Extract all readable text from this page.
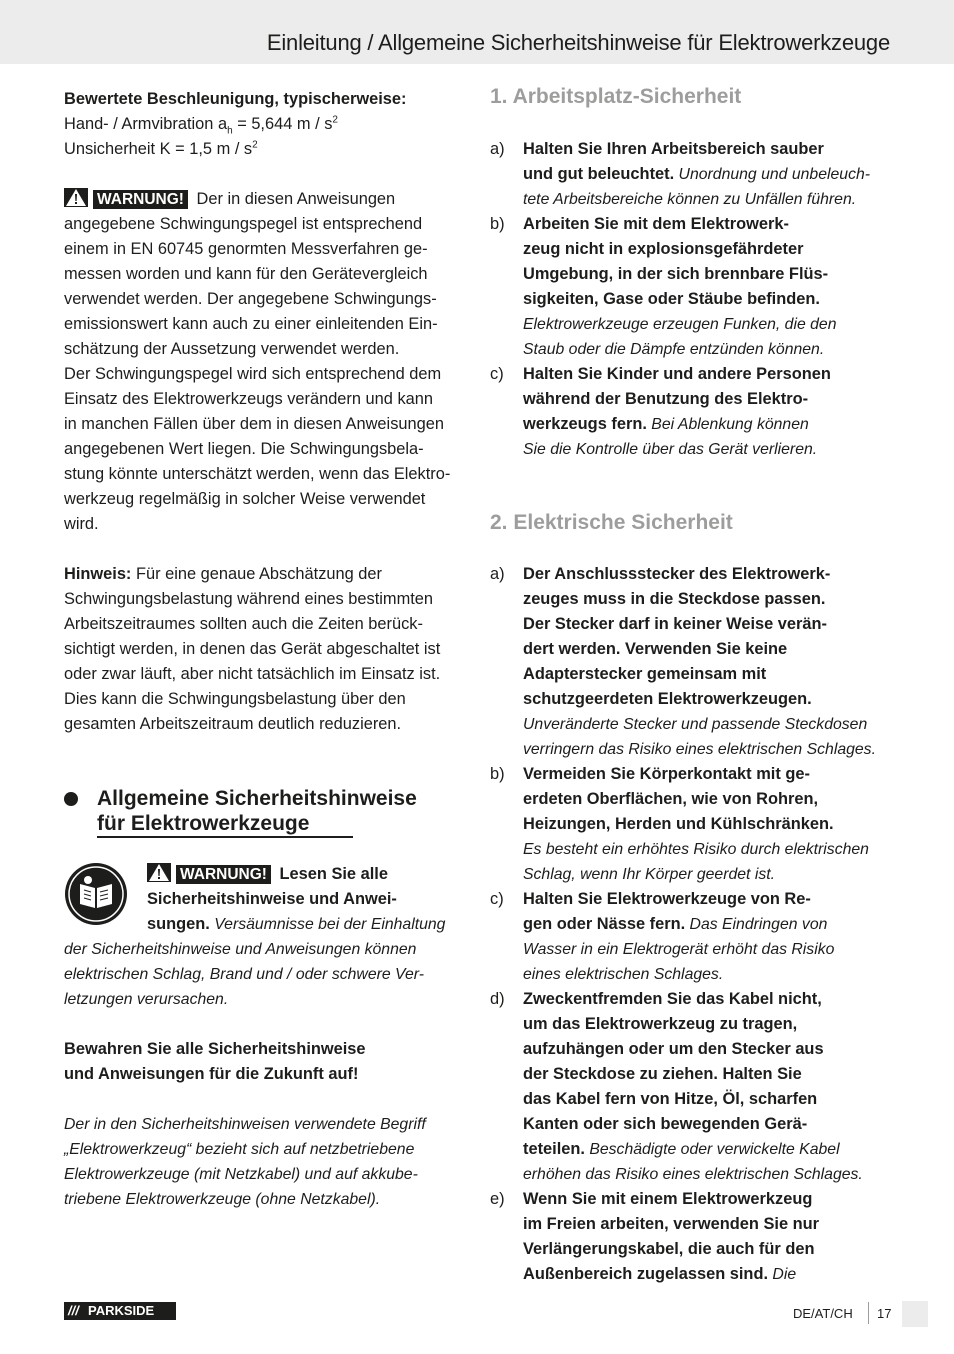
Einleitung / Allgemeine Sicherheitshinweise für Elektrowerkzeuge
Bewertete Beschleunigung, typischerweise:
Hand- / Armvibration $a_h = 5,644$ m / $s^2$
Unsicherheit K = 1,5 m / $s^2$
WARNUNG! Der in diesen Anweisungen
angegebene Schwingungspegel ist entsprechend
einem in EN 60745 genormten Messverfahren ge-
messen worden und kann für den Gerätevergleich
verwendet werden. Der angegebene Schwingungs-
emissionswert kann auch zu einer einleitenden Ein-
schätzung der Aussetzung verwendet werden.
Der Schwingungspegel wird sich entsprechend dem
Einsatz des Elektrowerkzeugs verändern und kann
in manchen Fällen über dem in diesen Anweisungen
angegebenen Wert liegen. Die Schwingungsbela-
stung könnte unterschätzt werden, wenn das Elektro-
werkzeug regelmäßig in solcher Weise verwendet
wird.
Hinweis: Für eine genaue Abschätzung der
Schwingungsbelastung während eines bestimmten
Arbeitszeitraumes sollten auch die Zeiten berück-
sichtigt werden, in denen das Gerät abgeschaltet ist
oder zwar läuft, aber nicht tatsächlich im Einsatz ist.
Dies kann die Schwingungsbelastung über den
gesamten Arbeitszeitraum deutlich reduzieren.
Allgemeine Sicherheitshinweise
für Elektrowerkzeuge
WARNUNG! Lesen Sie alle
Sicherheitshinweise und Anwei-
sungen. Versäumnisse bei der Einhaltung
der Sicherheitshinweise und Anweisungen können
elektrischen Schlag, Brand und / oder schwere Ver-
letzungen verursachen.
Bewahren Sie alle Sicherheitshinweise
und Anweisungen für die Zukunft auf!
Der in den Sicherheitshinweisen verwendete Begriff
„Elektrowerkzeug“ bezieht sich auf netzbetriebene
Elektrowerkzeuge (mit Netzkabel) und auf akkube-
triebene Elektrowerkzeuge (ohne Netzkabel).
1. Arbeitsplatz-Sicherheit
a) Halten Sie Ihren Arbeitsbereich sauber
und gut beleuchtet. Unordnung und unbeleuch-
tete Arbeitsbereiche können zu Unfällen führen.
b) Arbeiten Sie mit dem Elektrowerk-
zeug nicht in explosionsgefährdeter
Umgebung, in der sich brennbare Flüs-
sigkeiten, Gase oder Stäube befinden.
Elektrowerkzeuge erzeugen Funken, die den
Staub oder die Dämpfe entzünden können.
c) Halten Sie Kinder und andere Personen
während der Benutzung des Elektro-
werkzeugs fern. Bei Ablenkung können
Sie die Kontrolle über das Gerät verlieren.
2. Elektrische Sicherheit
a) Der Anschlussstecker des Elektrowerk-
zeuges muss in die Steckdose passen.
Der Stecker darf in keiner Weise verän-
dert werden. Verwenden Sie keine
Adapterstecker gemeinsam mit
schutzgeerdeten Elektrowerkzeugen.
Unveränderte Stecker und passende Steckdosen
verringern das Risiko eines elektrischen Schlages.
b) Vermeiden Sie Körperkontakt mit ge-
erdeten Oberflächen, wie von Rohren,
Heizungen, Herden und Kühlschränken.
Es besteht ein erhöhtes Risiko durch elektrischen
Schlag, wenn Ihr Körper geerdet ist.
c) Halten Sie Elektrowerkzeuge von Re-
gen oder Nässe fern. Das Eindringen von
Wasser in ein Elektrogerät erhöht das Risiko
eines elektrischen Schlages.
d) Zweckentfremden Sie das Kabel nicht,
um das Elektrowerkzeug zu tragen,
aufzuhängen oder um den Stecker aus
der Steckdose zu ziehen. Halten Sie
das Kabel fern von Hitze, Öl, scharfen
Kanten oder sich bewegenden Gerä-
teteilen. Beschädigte oder verwickelte Kabel
erhöhen das Risiko eines elektrischen Schlages.
e) Wenn Sie mit einem Elektrowerkzeug
im Freien arbeiten, verwenden Sie nur
Verlängerungskabel, die auch für den
Außenbereich zugelassen sind. Die
/// PARKSIDE	DE/AT/CH 17
